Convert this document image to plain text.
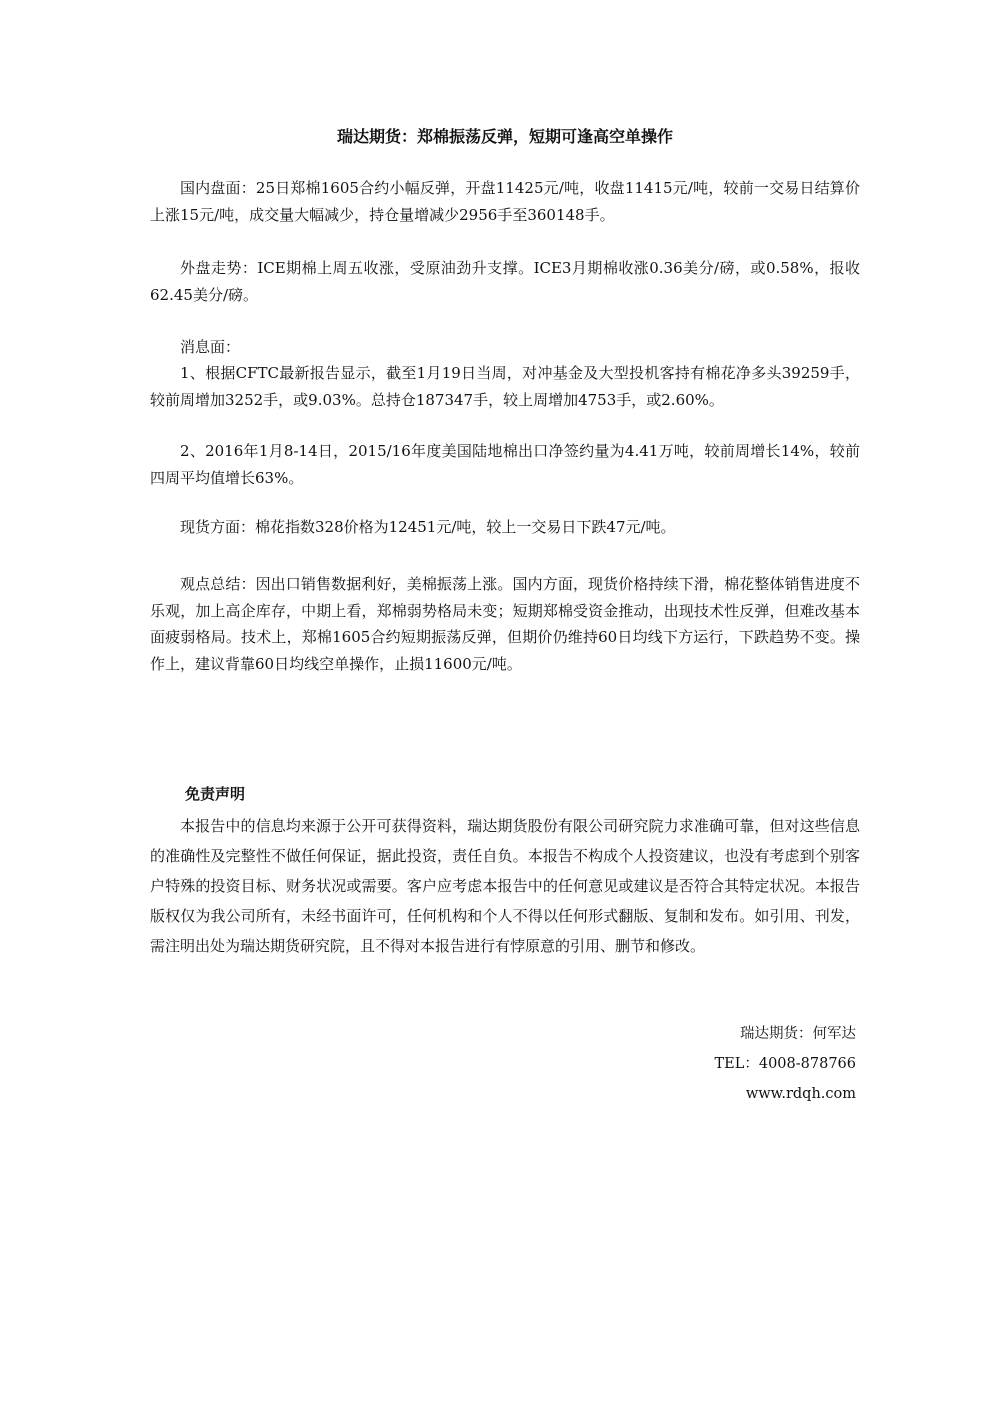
瑞达期货：郑棉振荡反弹，短期可逢高空单操作

国内盘面：25日郑棉1605合约小幅反弹，开盘11425元/吨，收盘11415元/吨，较前一交易日结算价上涨15元/吨，成交量大幅减少，持仓量增减少2956手至360148手。

外盘走势：ICE期棉上周五收涨，受原油劲升支撑。ICE3月期棉收涨0.36美分/磅，或0.58%，报收62.45美分/磅。

消息面：

1、根据CFTC最新报告显示，截至1月19日当周，对冲基金及大型投机客持有棉花净多头39259手，较前周增加3252手，或9.03%。总持仓187347手，较上周增加4753手，或2.60%。

2、2016年1月8-14日，2015/16年度美国陆地棉出口净签约量为4.41万吨，较前周增长14%，较前四周平均值增长63%。

现货方面：棉花指数328价格为12451元/吨，较上一交易日下跌47元/吨。

观点总结：因出口销售数据利好，美棉振荡上涨。国内方面，现货价格持续下滑，棉花整体销售进度不乐观，加上高企库存，中期上看，郑棉弱势格局未变；短期郑棉受资金推动，出现技术性反弹，但难改基本面疲弱格局。技术上，郑棉1605合约短期振荡反弹，但期价仍维持60日均线下方运行，下跌趋势不变。操作上，建议背靠60日均线空单操作，止损11600元/吨。

免责声明

本报告中的信息均来源于公开可获得资料，瑞达期货股份有限公司研究院力求准确可靠，但对这些信息的准确性及完整性不做任何保证，据此投资，责任自负。本报告不构成个人投资建议，也没有考虑到个别客户特殊的投资目标、财务状况或需要。客户应考虑本报告中的任何意见或建议是否符合其特定状况。本报告版权仅为我公司所有，未经书面许可，任何机构和个人不得以任何形式翻版、复制和发布。如引用、刊发，需注明出处为瑞达期货研究院，且不得对本报告进行有悖原意的引用、删节和修改。

瑞达期货：何军达

TEL：4008-878766

www.rdqh.com
